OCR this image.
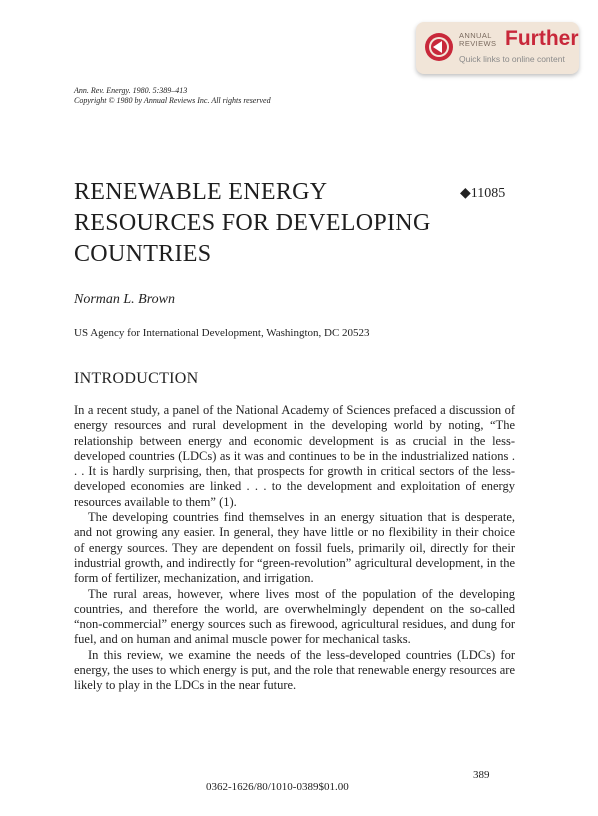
ANNUAL
REVIEWS Further
Quick links to online content
Ann. Rev. Energy. 1980. 5:389–413
Copyright © 1980 by Annual Reviews Inc. All rights reserved
RENEWABLE ENERGY RESOURCES FOR DEVELOPING COUNTRIES
◆11085
Norman L. Brown
US Agency for International Development, Washington, DC 20523
INTRODUCTION

In a recent study, a panel of the National Academy of Sciences prefaced a discussion of energy resources and rural development in the developing world by noting, “The relationship between energy and economic development is as crucial in the less-developed countries (LDCs) as it was and continues to be in the industrialized nations . . . It is hardly surprising, then, that prospects for growth in critical sectors of the less-developed economies are linked . . . to the development and exploitation of energy resources available to them” (1).

The developing countries find themselves in an energy situation that is desperate, and not growing any easier. In general, they have little or no flexibility in their choice of energy sources. They are dependent on fossil fuels, primarily oil, directly for their industrial growth, and indirectly for “green-revolution” agricultural development, in the form of fertilizer, mechanization, and irrigation.

The rural areas, however, where lives most of the population of the developing countries, and therefore the world, are overwhelmingly dependent on the so-called “non-commercial” energy sources such as firewood, agricultural residues, and dung for fuel, and on human and animal muscle power for mechanical tasks.

In this review, we examine the needs of the less-developed countries (LDCs) for energy, the uses to which energy is put, and the role that renewable energy resources are likely to play in the LDCs in the near future.

389
0362-1626/80/1010-0389$01.00
